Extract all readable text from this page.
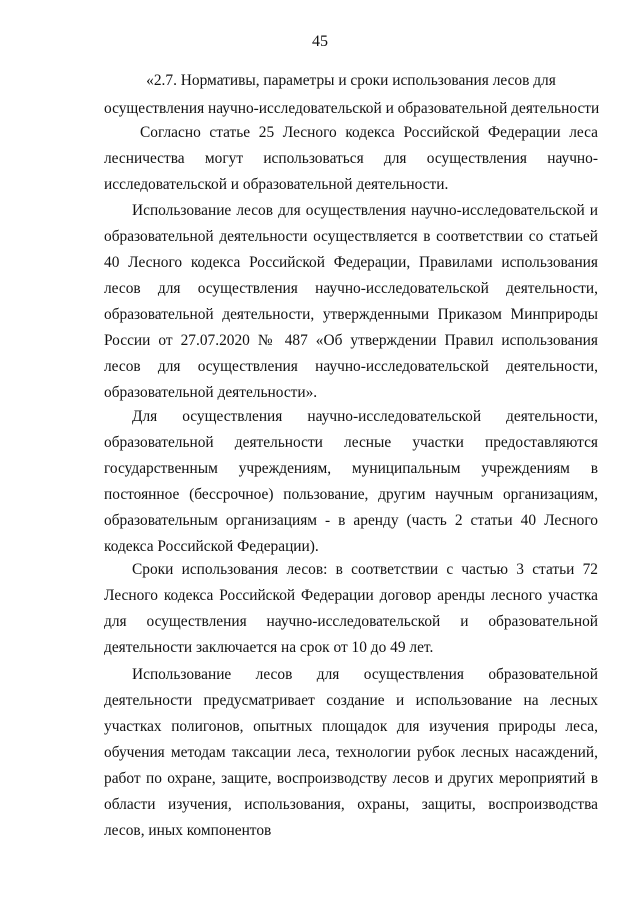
45
«2.7. Нормативы, параметры и сроки использования лесов для
осуществления научно-исследовательской и образовательной деятельности

Согласно статье 25 Лесного кодекса Российской Федерации леса лесничества могут использоваться для осуществления научно-исследовательской и образовательной деятельности.

Использование лесов для осуществления научно-исследовательской и образовательной деятельности осуществляется в соответствии со статьей 40 Лесного кодекса Российской Федерации, Правилами использования лесов для осуществления научно-исследовательской деятельности, образовательной деятельности, утвержденными Приказом Минприроды России от 27.07.2020 № 487 «Об утверждении Правил использования лесов для осуществления научно-исследовательской деятельности, образовательной деятельности».

Для осуществления научно-исследовательской деятельности, образовательной деятельности лесные участки предоставляются государственным учреждениям, муниципальным учреждениям в постоянное (бессрочное) пользование, другим научным организациям, образовательным организациям - в аренду (часть 2 статьи 40 Лесного кодекса Российской Федерации).

Сроки использования лесов: в соответствии с частью 3 статьи 72 Лесного кодекса Российской Федерации договор аренды лесного участка для осуществления научно-исследовательской и образовательной деятельности заключается на срок от 10 до 49 лет.

Использование лесов для осуществления образовательной деятельности предусматривает создание и использование на лесных участках полигонов, опытных площадок для изучения природы леса, обучения методам таксации леса, технологии рубок лесных насаждений, работ по охране, защите, воспроизводству лесов и других мероприятий в области изучения, использования, охраны, защиты, воспроизводства лесов, иных компонентов
